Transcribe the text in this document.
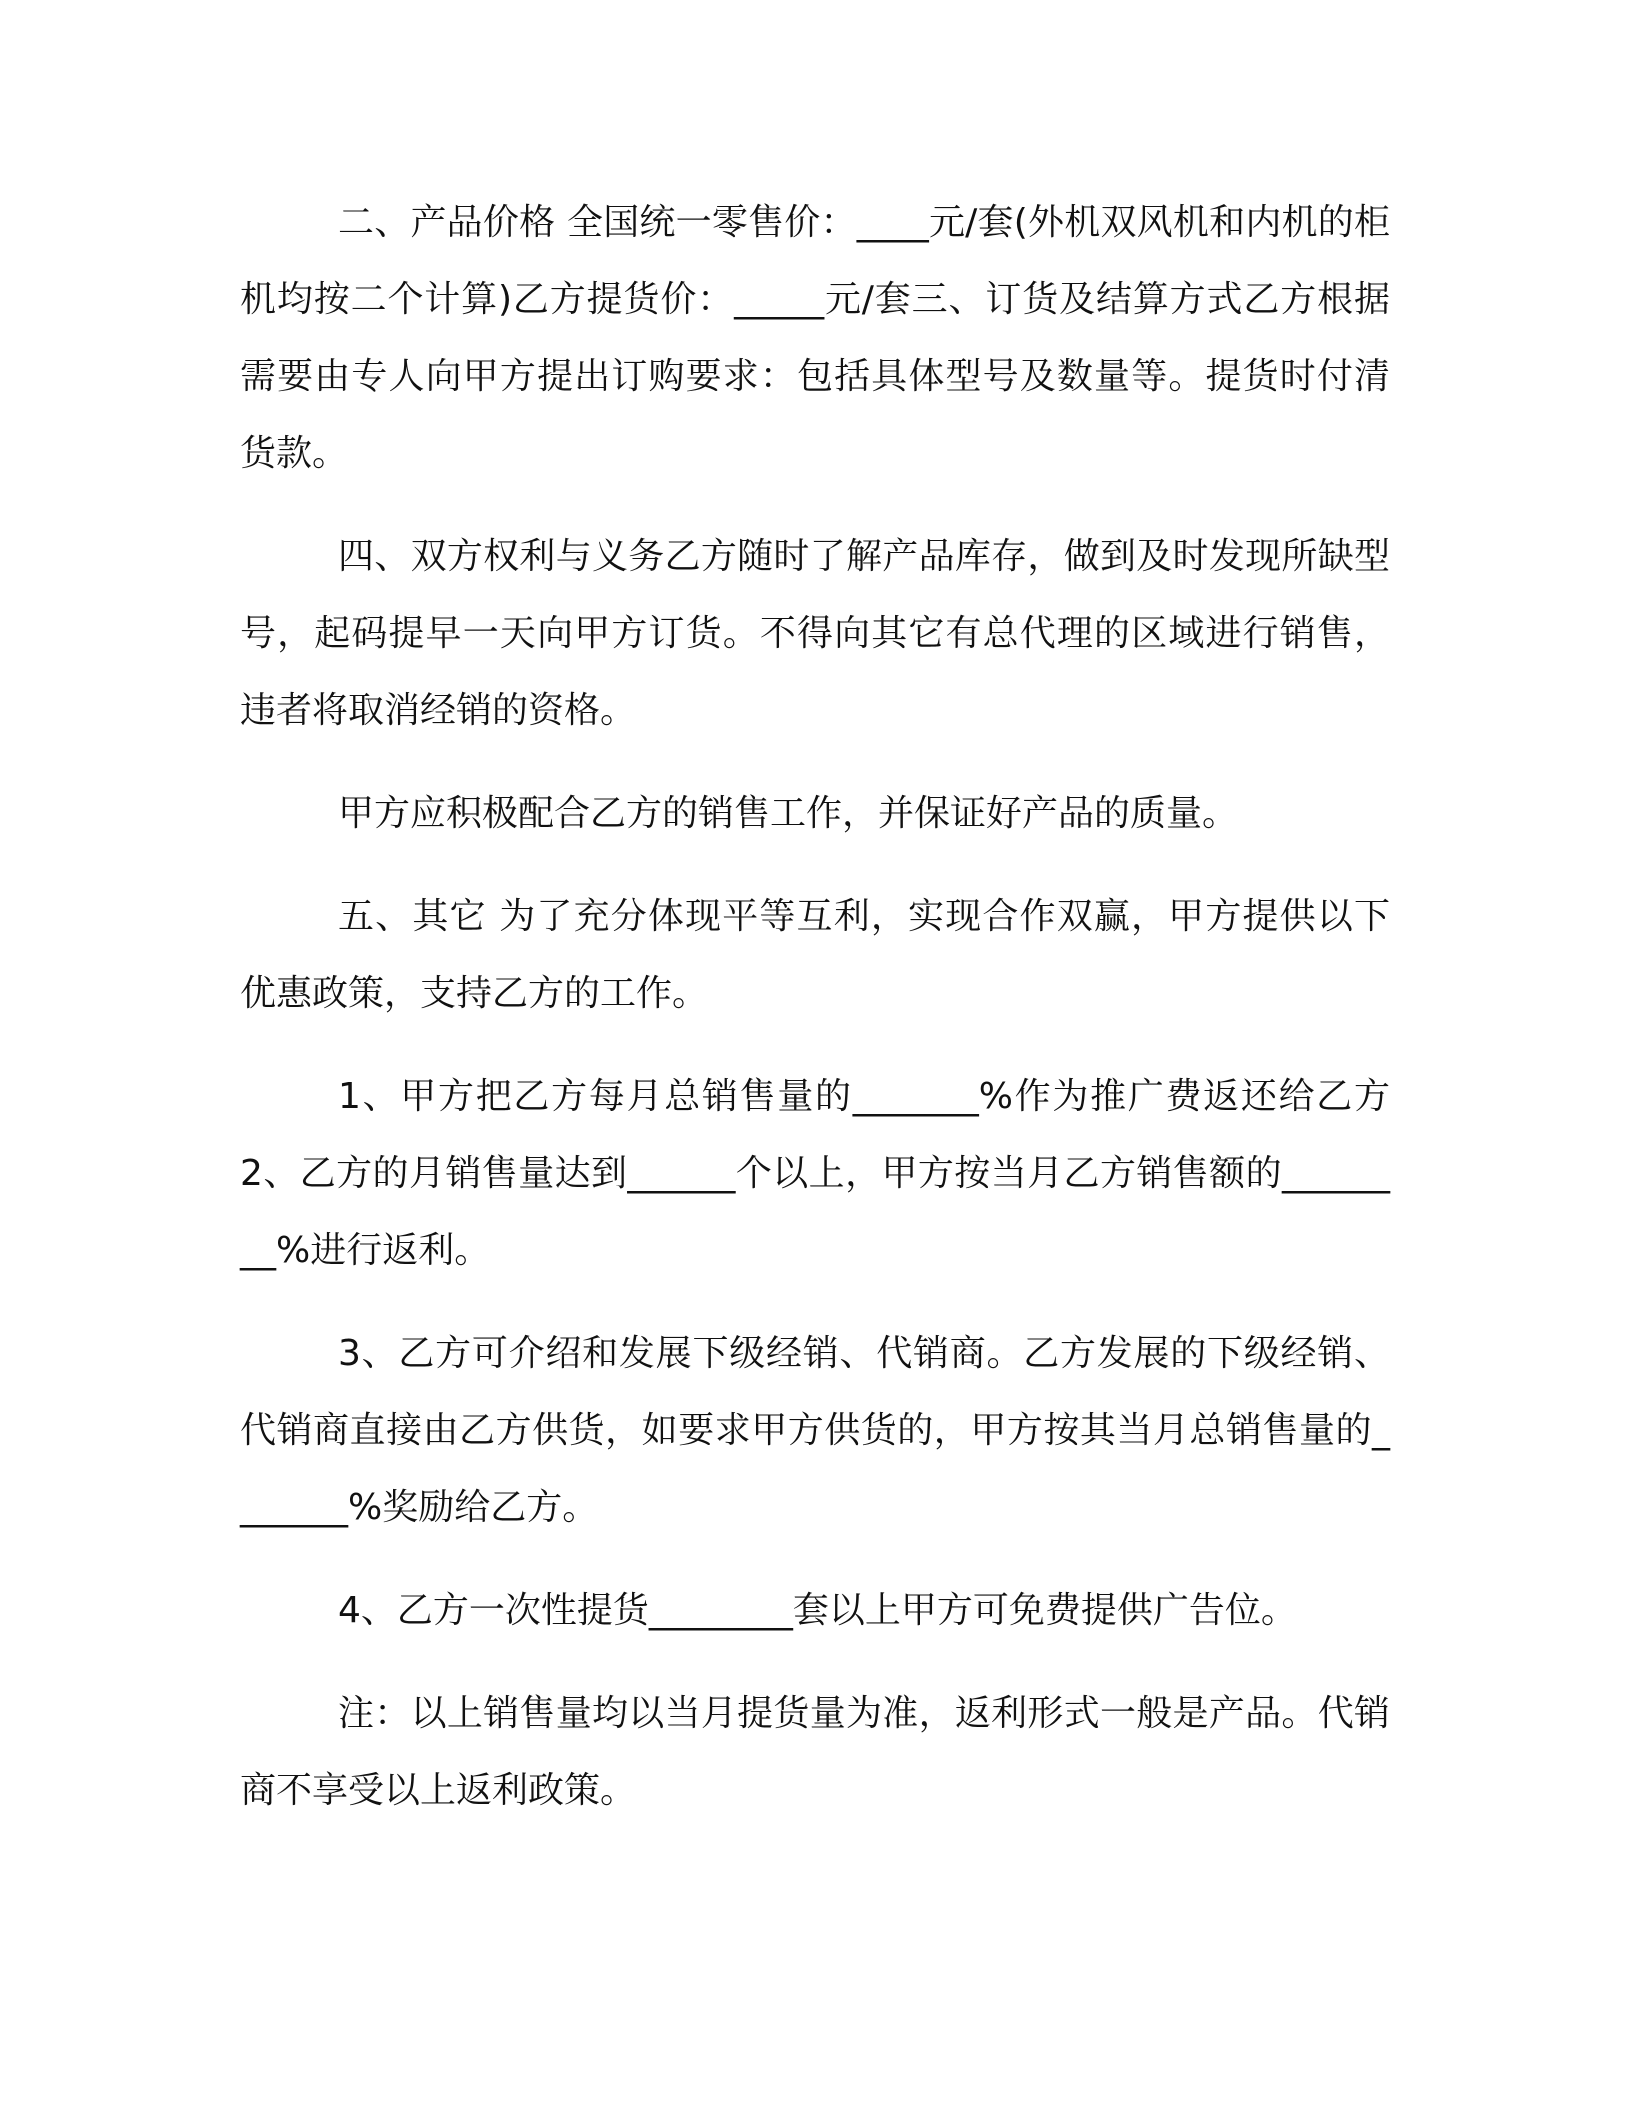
二、产品价格 全国统一零售价：____元/套(外机双风机和内机的柜机均按二个计算)乙方提货价：_____元/套三、订货及结算方式乙方根据需要由专人向甲方提出订购要求：包括具体型号及数量等。提货时付清货款。

四、双方权利与义务乙方随时了解产品库存，做到及时发现所缺型号，起码提早一天向甲方订货。不得向其它有总代理的区域进行销售，违者将取消经销的资格。

甲方应积极配合乙方的销售工作，并保证好产品的质量。

五、其它 为了充分体现平等互利，实现合作双赢，甲方提供以下优惠政策，支持乙方的工作。

1、甲方把乙方每月总销售量的_______%作为推广费返还给乙方 2、乙方的月销售量达到______个以上，甲方按当月乙方销售额的________%进行返利。

3、乙方可介绍和发展下级经销、代销商。乙方发展的下级经销、代销商直接由乙方供货，如要求甲方供货的，甲方按其当月总销售量的_______%奖励给乙方。

4、乙方一次性提货________套以上甲方可免费提供广告位。

注：以上销售量均以当月提货量为准，返利形式一般是产品。代销商不享受以上返利政策。
